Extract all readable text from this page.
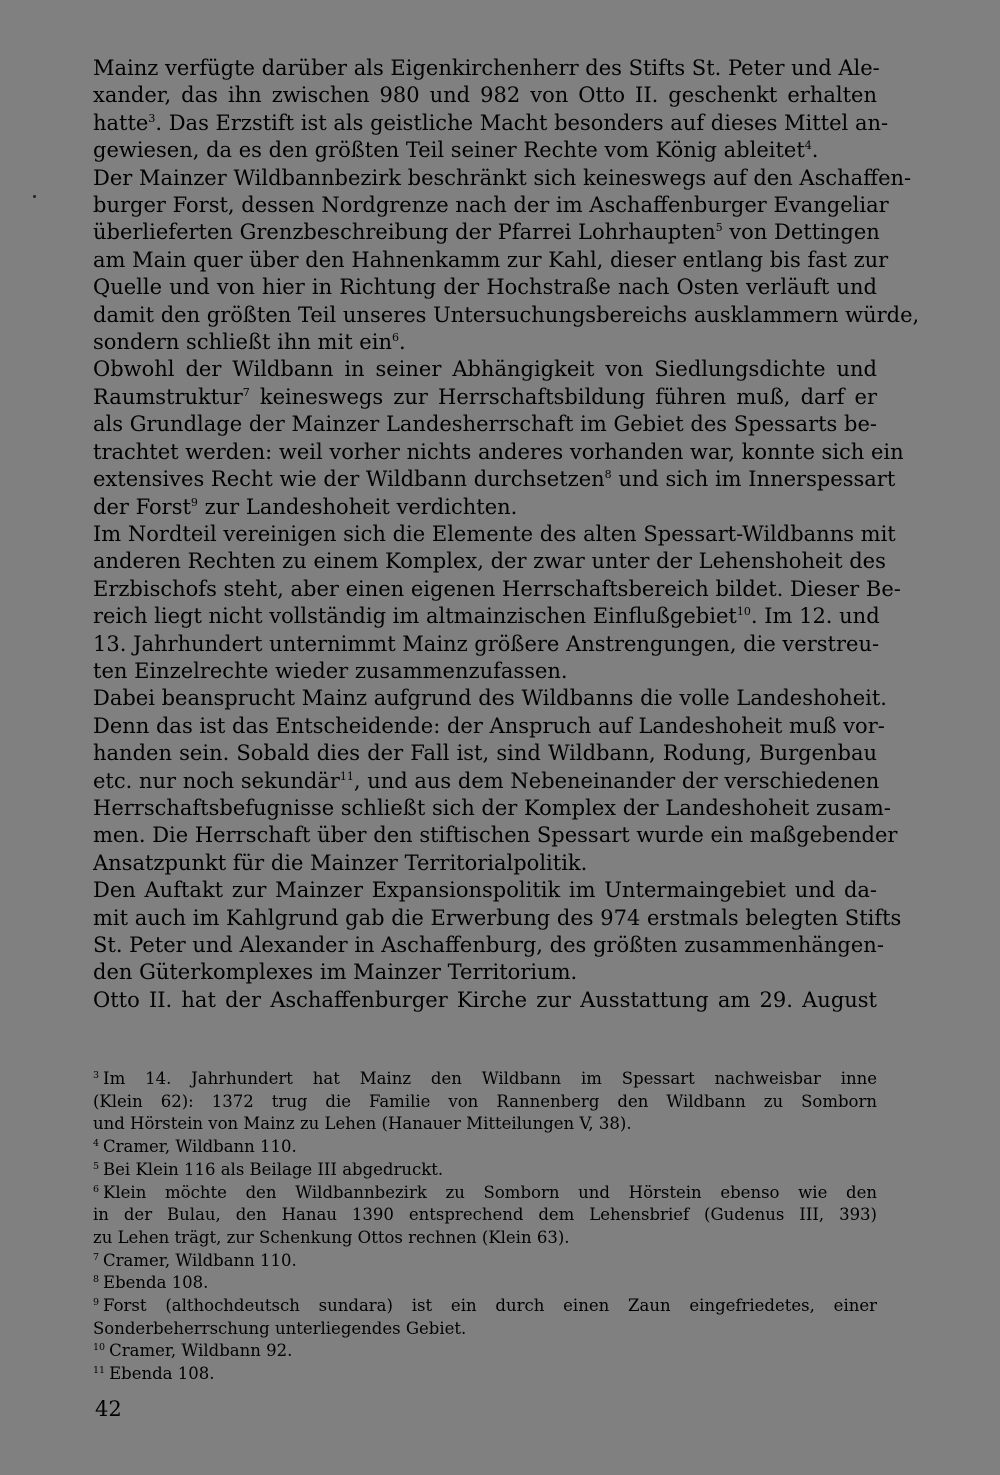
Mainz verfügte darüber als Eigenkirchenherr des Stifts St. Peter und Ale-
xander, das ihn zwischen 980 und 982 von Otto II. geschenkt erhalten
hatte$^3$. Das Erzstift ist als geistliche Macht besonders auf dieses Mittel an-
gewiesen, da es den größten Teil seiner Rechte vom König ableitet$^4$.

Der Mainzer Wildbannbezirk beschränkt sich keineswegs auf den Aschaffen-
burger Forst, dessen Nordgrenze nach der im Aschaffenburger Evangeliar
überlieferten Grenzbeschreibung der Pfarrei Lohrhaupten$^5$ von Dettingen
am Main quer über den Hahnenkamm zur Kahl, dieser entlang bis fast zur
Quelle und von hier in Richtung der Hochstraße nach Osten verläuft und
damit den größten Teil unseres Untersuchungsbereichs ausklammern würde,
sondern schließt ihn mit ein$^6$.

Obwohl der Wildbann in seiner Abhängigkeit von Siedlungsdichte und
Raumstruktur$^7$ keineswegs zur Herrschaftsbildung führen muß, darf er
als Grundlage der Mainzer Landesherrschaft im Gebiet des Spessarts be-
trachtet werden: weil vorher nichts anderes vorhanden war, konnte sich ein
extensives Recht wie der Wildbann durchsetzen$^8$ und sich im Innerspessart
der Forst$^9$ zur Landeshoheit verdichten.

Im Nordteil vereinigen sich die Elemente des alten Spessart-Wildbanns mit
anderen Rechten zu einem Komplex, der zwar unter der Lehenshoheit des
Erzbischofs steht, aber einen eigenen Herrschaftsbereich bildet. Dieser Be-
reich liegt nicht vollständig im altmainzischen Einflußgebiet$^{10}$. Im 12. und
13. Jahrhundert unternimmt Mainz größere Anstrengungen, die verstreu-
ten Einzelrechte wieder zusammenzufassen.

Dabei beansprucht Mainz aufgrund des Wildbanns die volle Landeshoheit.
Denn das ist das Entscheidende: der Anspruch auf Landeshoheit muß vor-
handen sein. Sobald dies der Fall ist, sind Wildbann, Rodung, Burgenbau
etc. nur noch sekundär$^{11}$, und aus dem Nebeneinander der verschiedenen
Herrschaftsbefugnisse schließt sich der Komplex der Landeshoheit zusam-
men. Die Herrschaft über den stiftischen Spessart wurde ein maßgebender
Ansatzpunkt für die Mainzer Territorialpolitik.

Den Auftakt zur Mainzer Expansionspolitik im Untermaingebiet und da-
mit auch im Kahlgrund gab die Erwerbung des 974 erstmals belegten Stifts
St. Peter und Alexander in Aschaffenburg, des größten zusammenhängen-
den Güterkomplexes im Mainzer Territorium.

Otto II. hat der Aschaffenburger Kirche zur Ausstattung am 29. August

$^3$ Im 14. Jahrhundert hat Mainz den Wildbann im Spessart nachweisbar inne
(Klein 62): 1372 trug die Familie von Rannenberg den Wildbann zu Somborn
und Hörstein von Mainz zu Lehen (Hanauer Mitteilungen V, 38).

$^4$ Cramer, Wildbann 110.

$^5$ Bei Klein 116 als Beilage III abgedruckt.

$^6$ Klein möchte den Wildbannbezirk zu Somborn und Hörstein ebenso wie den
in der Bulau, den Hanau 1390 entsprechend dem Lehensbrief (Gudenus III, 393)
zu Lehen trägt, zur Schenkung Ottos rechnen (Klein 63).

$^7$ Cramer, Wildbann 110.

$^8$ Ebenda 108.

$^9$ Forst (althochdeutsch sundara) ist ein durch einen Zaun eingefriedetes, einer
Sonderbeherrschung unterliegendes Gebiet.

$^{10}$ Cramer, Wildbann 92.

$^{11}$ Ebenda 108.

42
